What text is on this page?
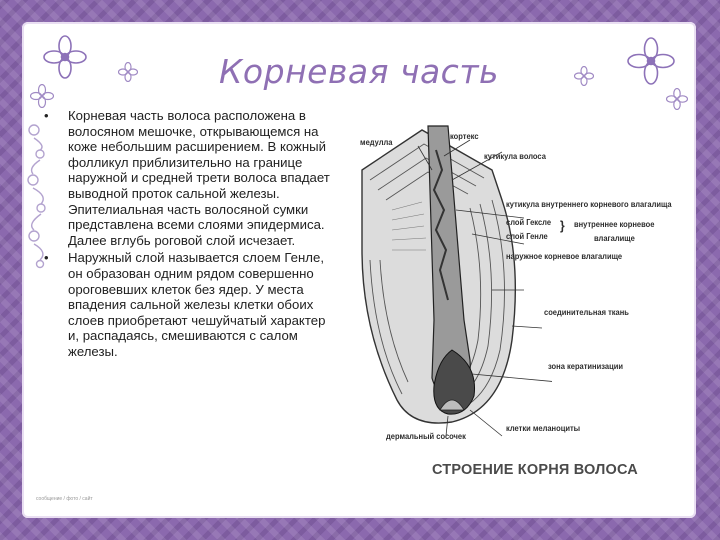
Корневая часть
• Корневая часть волоса расположена в волосяном мешочке, открывающемся на коже небольшим расширением. В кожный фолликул приблизительно на границе наружной и средней трети волоса впадает выводной проток сальной железы. Эпителиальная часть волосяной сумки представлена всеми слоями эпидермиса. Далее вглубь роговой слой исчезает.
• Наружный слой называется слоем Генле, он образован одним рядом совершенно ороговевших клеток без ядер. У места впадения сальной железы клетки обоих слоев приобретают чешуйчатый характер и, распадаясь, смешиваются с салом железы.
сообщение / фото / сайт
медулла
кортекс
кутикула волоса
кутикула внутреннего корневого влагалища
слой Гексле
слой Генле
} внутреннее корневое
влагалище
наружное корневое влагалище
соединительная ткань
зона кератинизации
дермальный сосочек
клетки меланоциты
СТРОЕНИЕ КОРНЯ ВОЛОСА
